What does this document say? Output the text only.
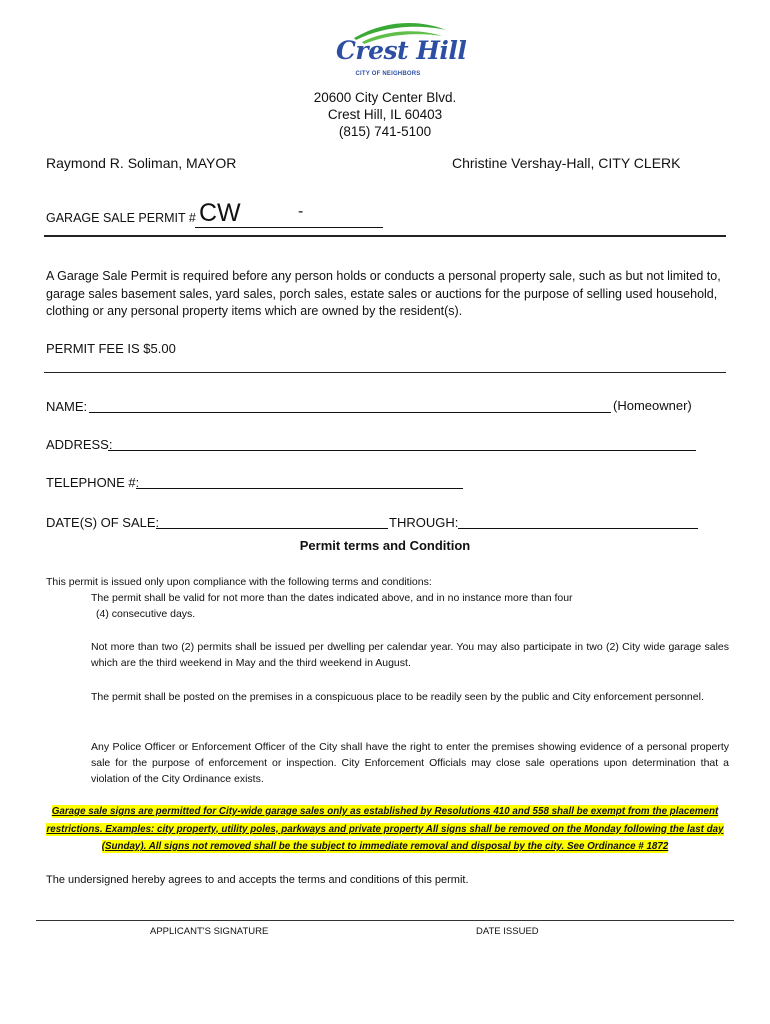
Crest Hill
CITY OF NEIGHBORS
20600 City Center Blvd.
Crest Hill, IL 60403
(815) 741-5100
Raymond R. Soliman, MAYOR	Christine Vershay-Hall, CITY CLERK
GARAGE SALE PERMIT # CW	-
A Garage Sale Permit is required before any person holds or conducts a personal property sale, such as but not limited to, garage sales basement sales, yard sales, porch sales, estate sales or auctions for the purpose of selling used household, clothing or any personal property items which are owned by the resident(s).
PERMIT FEE IS $5.00
NAME:	(Homeowner)
ADDRESS:
TELEPHONE #:
DATE(S) OF SALE:	THROUGH:
Permit terms and Condition
This permit is issued only upon compliance with the following terms and conditions:
The permit shall be valid for not more than the dates indicated above, and in no instance more than four
(4) consecutive days.
Not more than two (2) permits shall be issued per dwelling per calendar year. You may also participate in two (2) City wide garage sales which are the third weekend in May and the third weekend in August.
The permit shall be posted on the premises in a conspicuous place to be readily seen by the public and City enforcement personnel.
Any Police Officer or Enforcement Officer of the City shall have the right to enter the premises showing evidence of a personal property sale for the purpose of enforcement or inspection. City Enforcement Officials may close sale operations upon determination that a violation of the City Ordinance exists.
Garage sale signs are permitted for City-wide garage sales only as established by Resolutions 410 and 558 shall be exempt from the placement
restrictions. Examples: city property, utility poles, parkways and private property All signs shall be removed on the Monday following the last day
(Sunday). All signs not removed shall be the subject to immediate removal and disposal by the city. See Ordinance # 1872
The undersigned hereby agrees to and accepts the terms and conditions of this permit.
APPLICANT'S SIGNATURE	DATE ISSUED
